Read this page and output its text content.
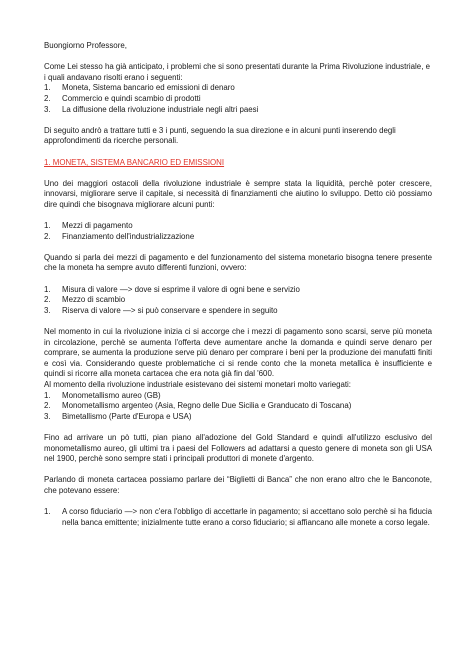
Buongiorno Professore,

Come Lei stesso ha già anticipato, i problemi che si sono presentati durante la Prima Rivoluzione industriale, e i quali andavano risolti erano i seguenti:

1. Moneta, Sistema bancario ed emissioni di denaro
2. Commercio e quindi scambio di prodotti
3. La diffusione della rivoluzione industriale negli altri paesi

Di seguito andrò a trattare tutti e 3 i punti, seguendo la sua direzione e in alcuni punti inserendo degli approfondimenti da ricerche personali.

1. MONETA, SISTEMA BANCARIO ED EMISSIONI

Uno dei maggiori ostacoli della rivoluzione industriale è sempre stata la liquidità, perchè poter crescere, innovarsi, migliorare serve il capitale, si necessità di finanziamenti che aiutino lo sviluppo. Detto ciò possiamo dire quindi che bisognava migliorare alcuni punti:

1. Mezzi di pagamento
2. Finanziamento dell'industrializzazione

Quando si parla dei mezzi di pagamento e del funzionamento del sistema monetario bisogna tenere presente che la moneta ha sempre avuto differenti funzioni, ovvero:

1. Misura di valore —> dove si esprime il valore di ogni bene e servizio
2. Mezzo di scambio
3. Riserva di valore —> si può conservare e spendere in seguito

Nel momento in cui la rivoluzione inizia ci si accorge che i mezzi di pagamento sono scarsi, serve più moneta in circolazione, perchè se aumenta l'offerta deve aumentare anche la domanda e quindi serve denaro per comprare, se aumenta la produzione serve più denaro per comprare i beni per la produzione dei manufatti finiti e così via. Considerando queste problematiche ci si rende conto che la moneta metallica è insufficiente e quindi si ricorre alla moneta cartacea che era nota già fin dal '600.

Al momento della rivoluzione industriale esistevano dei sistemi monetari molto variegati:

1. Monometallismo aureo (GB)
2. Monometallismo argenteo (Asia, Regno delle Due Sicilia e Granducato di Toscana)
3. Bimetallismo (Parte d'Europa e USA)

Fino ad arrivare un pò tutti, pian piano all'adozione del Gold Standard e quindi all'utilizzo esclusivo del monometallismo aureo, gli ultimi tra i paesi del Followers ad adattarsi a questo genere di moneta son gli USA nel 1900, perchè sono sempre stati i principali produttori di monete d'argento.

Parlando di moneta cartacea possiamo parlare dei “Biglietti di Banca” che non erano altro che le Banconote, che potevano essere:

1. A corso fiduciario —> non c'era l'obbligo di accettarle in pagamento; si accettano solo perchè si ha fiducia nella banca emittente; inizialmente tutte erano a corso fiduciario; si affiancano alle monete a corso legale.
